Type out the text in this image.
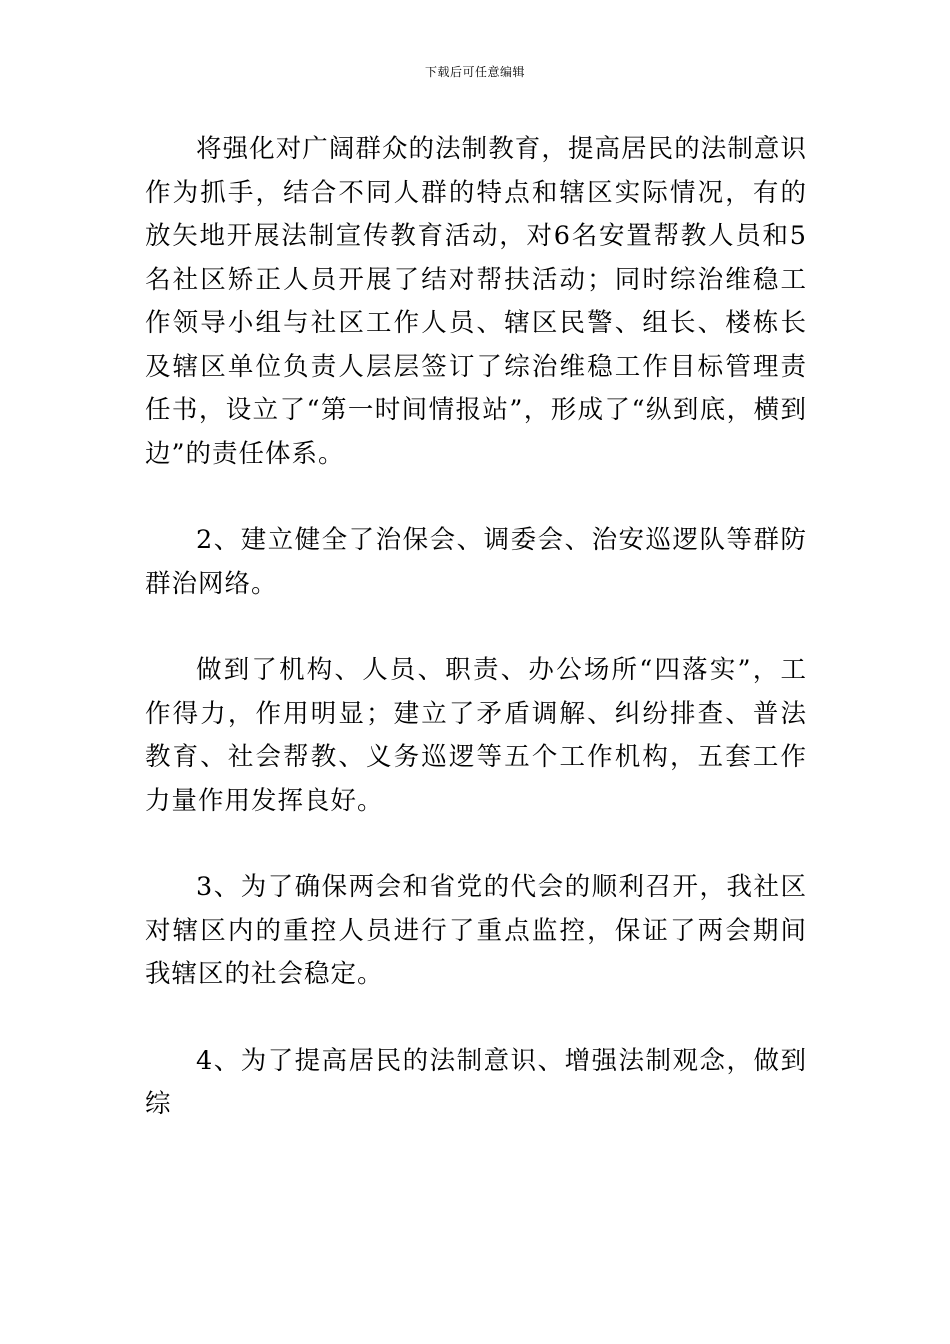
下载后可任意编辑

将强化对广阔群众的法制教育，提高居民的法制意识作为抓手，结合不同人群的特点和辖区实际情况，有的放矢地开展法制宣传教育活动，对6名安置帮教人员和5名社区矫正人员开展了结对帮扶活动；同时综治维稳工作领导小组与社区工作人员、辖区民警、组长、楼栋长及辖区单位负责人层层签订了综治维稳工作目标管理责任书，设立了“第一时间情报站”，形成了“纵到底，横到边”的责任体系。

2、建立健全了治保会、调委会、治安巡逻队等群防群治网络。

做到了机构、人员、职责、办公场所“四落实”，工作得力，作用明显；建立了矛盾调解、纠纷排查、普法教育、社会帮教、义务巡逻等五个工作机构，五套工作力量作用发挥良好。

3、为了确保两会和省党的代会的顺利召开，我社区对辖区内的重控人员进行了重点监控，保证了两会期间我辖区的社会稳定。

4、为了提高居民的法制意识、增强法制观念，做到综
